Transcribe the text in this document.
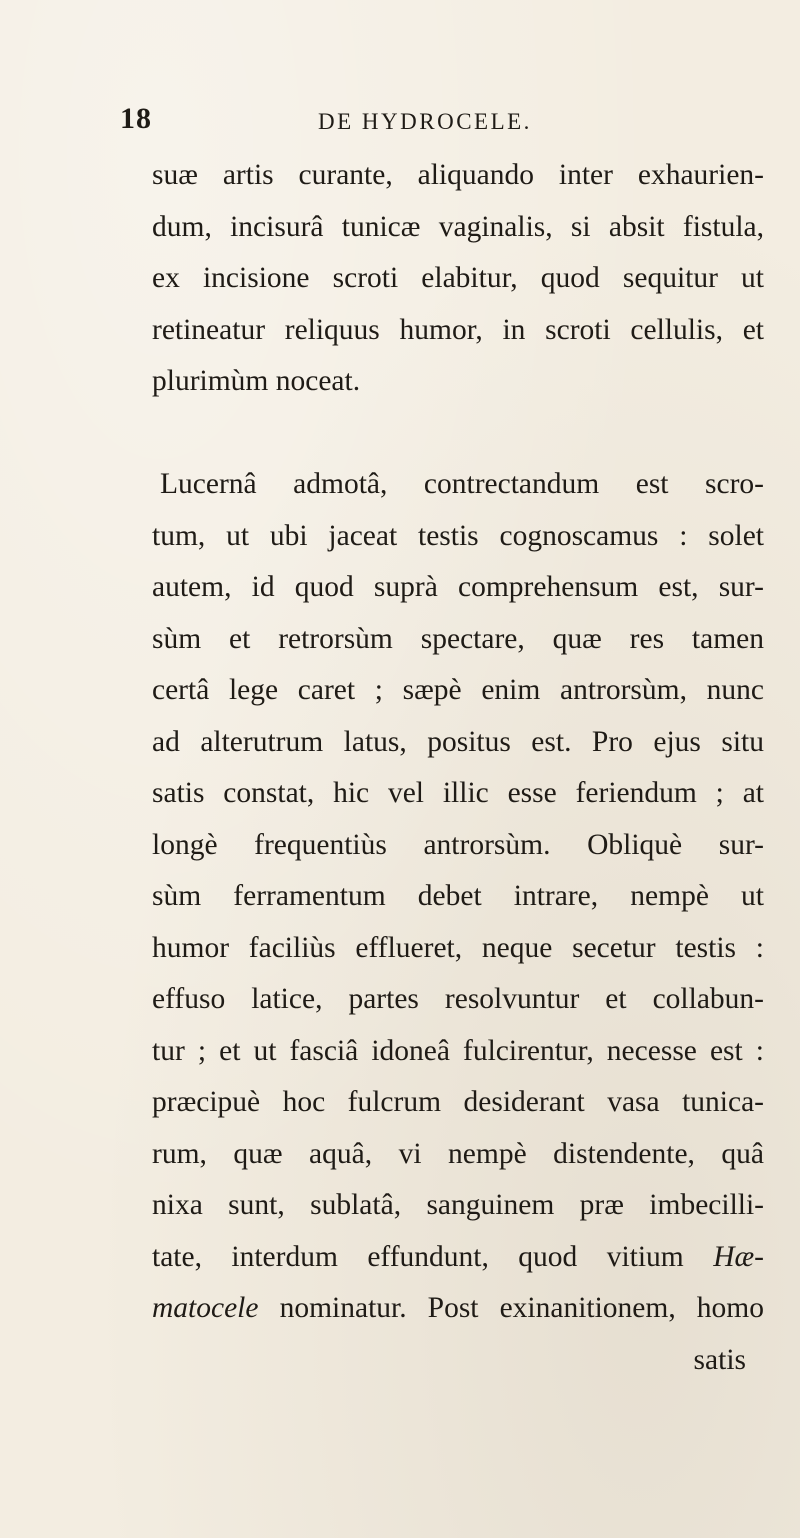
18	DE HYDROCELE.
suæ artis curante, aliquando inter exhaurien-
dum, incisurâ tunicæ vaginalis, si absit fistula,
ex incisione scroti elabitur, quod sequitur ut
retineatur reliquus humor, in scroti cellulis, et
plurimùm noceat.
Lucernâ admotâ, contrectandum est scro-
tum, ut ubi jaceat testis cognoscamus : solet
autem, id quod suprà comprehensum est, sur-
sùm et retrorsùm spectare, quæ res tamen
certâ lege caret ; sæpè enim antrorsùm, nunc
ad alterutrum latus, positus est. Pro ejus situ
satis constat, hic vel illic esse feriendum ; at
longè frequentiùs antrorsùm. Obliquè sur-
sùm ferramentum debet intrare, nempè ut
humor faciliùs efflueret, neque secetur testis :
effuso latice, partes resolvuntur et collabun-
tur ; et ut fasciâ idoneâ fulcirentur, necesse est :
præcipuè hoc fulcrum desiderant vasa tunica-
rum, quæ aquâ, vi nempè distendente, quâ
nixa sunt, sublatâ, sanguinem præ imbecilli-
tate, interdum effundunt, quod vitium Hæ-
matocele nominatur. Post exinanitionem, homo
satis
